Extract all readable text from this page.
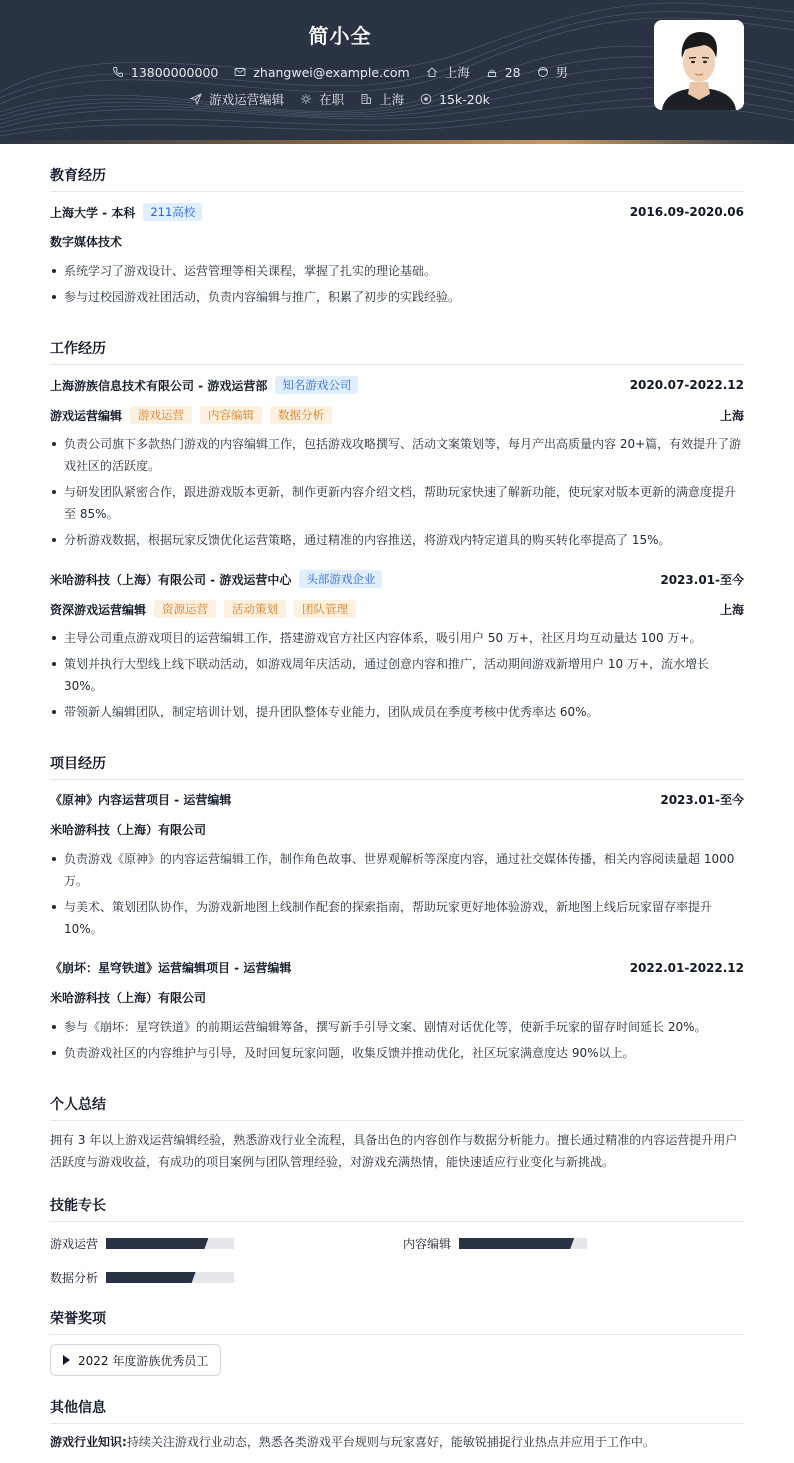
简小全
13800000000
	zhangwei@example.com
	上海
	28
	男
游戏运营编辑
	在职
	上海
	15k-20k
教育经历
上海大学 - 本科	211高校	2016.09-2020.06
数字媒体技术
系统学习了游戏设计、运营管理等相关课程，掌握了扎实的理论基础。
参与过校园游戏社团活动，负责内容编辑与推广，积累了初步的实践经验。
工作经历
上海游族信息技术有限公司 - 游戏运营部	知名游戏公司	2020.07-2022.12
游戏运营编辑	游戏运营	内容编辑	数据分析	上海
负责公司旗下多款热门游戏的内容编辑工作，包括游戏攻略撰写、活动文案策划等，每月产出高质量内容 20+篇，有效提升了游戏社区的活跃度。
与研发团队紧密合作，跟进游戏版本更新，制作更新内容介绍文档，帮助玩家快速了解新功能，使玩家对版本更新的满意度提升至 85%。
分析游戏数据，根据玩家反馈优化运营策略，通过精准的内容推送，将游戏内特定道具的购买转化率提高了 15%。
米哈游科技（上海）有限公司 - 游戏运营中心	头部游戏企业	2023.01-至今
资深游戏运营编辑	资源运营	活动策划	团队管理	上海
主导公司重点游戏项目的运营编辑工作，搭建游戏官方社区内容体系，吸引用户 50 万+，社区月均互动量达 100 万+。
策划并执行大型线上线下联动活动，如游戏周年庆活动，通过创意内容和推广，活动期间游戏新增用户 10 万+，流水增长 30%。
带领新人编辑团队，制定培训计划，提升团队整体专业能力，团队成员在季度考核中优秀率达 60%。
项目经历
《原神》内容运营项目 - 运营编辑	2023.01-至今
米哈游科技（上海）有限公司
负责游戏《原神》的内容运营编辑工作，制作角色故事、世界观解析等深度内容，通过社交媒体传播，相关内容阅读量超 1000 万。
与美术、策划团队协作，为游戏新地图上线制作配套的探索指南，帮助玩家更好地体验游戏，新地图上线后玩家留存率提升 10%。
《崩坏：星穹铁道》运营编辑项目 - 运营编辑	2022.01-2022.12
米哈游科技（上海）有限公司
参与《崩坏：星穹铁道》的前期运营编辑筹备，撰写新手引导文案、剧情对话优化等，使新手玩家的留存时间延长 20%。
负责游戏社区的内容维护与引导，及时回复玩家问题，收集反馈并推动优化，社区玩家满意度达 90%以上。
个人总结
拥有 3 年以上游戏运营编辑经验，熟悉游戏行业全流程，具备出色的内容创作与数据分析能力。擅长通过精准的内容运营提升用户活跃度与游戏收益，有成功的项目案例与团队管理经验，对游戏充满热情，能快速适应行业变化与新挑战。
技能专长
游戏运营	内容编辑
数据分析
荣誉奖项
2022 年度游族优秀员工
其他信息
游戏行业知识:持续关注游戏行业动态，熟悉各类游戏平台规则与玩家喜好，能敏锐捕捉行业热点并应用于工作中。
